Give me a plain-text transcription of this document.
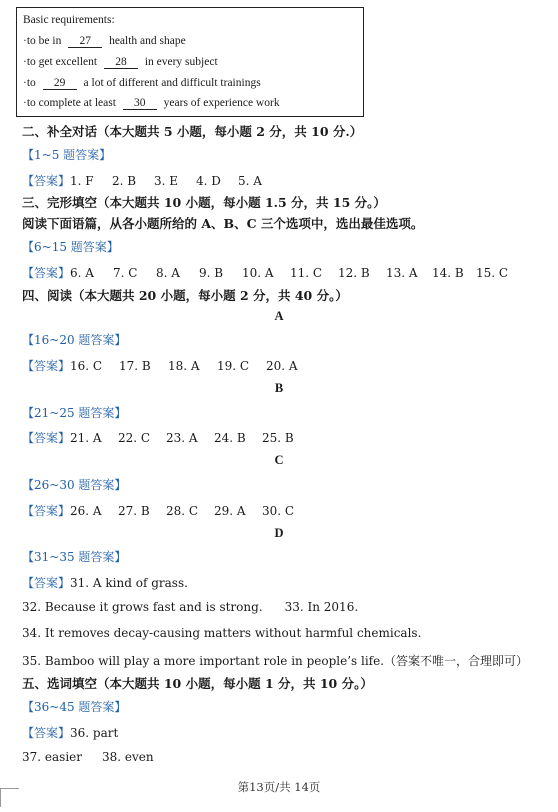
Basic requirements:
·to be in 27 health and shape
·to get excellent 28 in every subject
·to 29 a lot of different and difficult trainings
·to complete at least 30 years of experience work
二、补全对话（本大题共 5 小题，每小题 2 分，共 10 分.）
【1~5 题答案】
【答案】1. F 2. B 3. E 4. D 5. A
三、完形填空（本大题共 10 小题，每小题 1.5 分，共 15 分。）
阅读下面语篇，从各小题所给的 A、B、C 三个选项中，选出最佳选项。
【6~15 题答案】
【答案】6. A 7. C 8. A 9. B 10. A 11. C 12. B 13. A 14. B 15. C
四、阅读（本大题共 20 小题，每小题 2 分，共 40 分。）
A
【16~20 题答案】
【答案】16. C 17. B 18. A 19. C 20. A
B
【21~25 题答案】
【答案】21. A 22. C 23. A 24. B 25. B
C
【26~30 题答案】
【答案】26. A 27. B 28. C 29. A 30. C
D
【31~35 题答案】
【答案】31. A kind of grass.
32. Because it grows fast and is strong. 33. In 2016.
34. It removes decay-causing matters without harmful chemicals.
35. Bamboo will play a more important role in people’s life.（答案不唯一，合理即可）
五、选词填空（本大题共 10 小题，每小题 1 分，共 10 分。）
【36~45 题答案】
【答案】36. part
37. easier 38. even
第13页/共 14页
